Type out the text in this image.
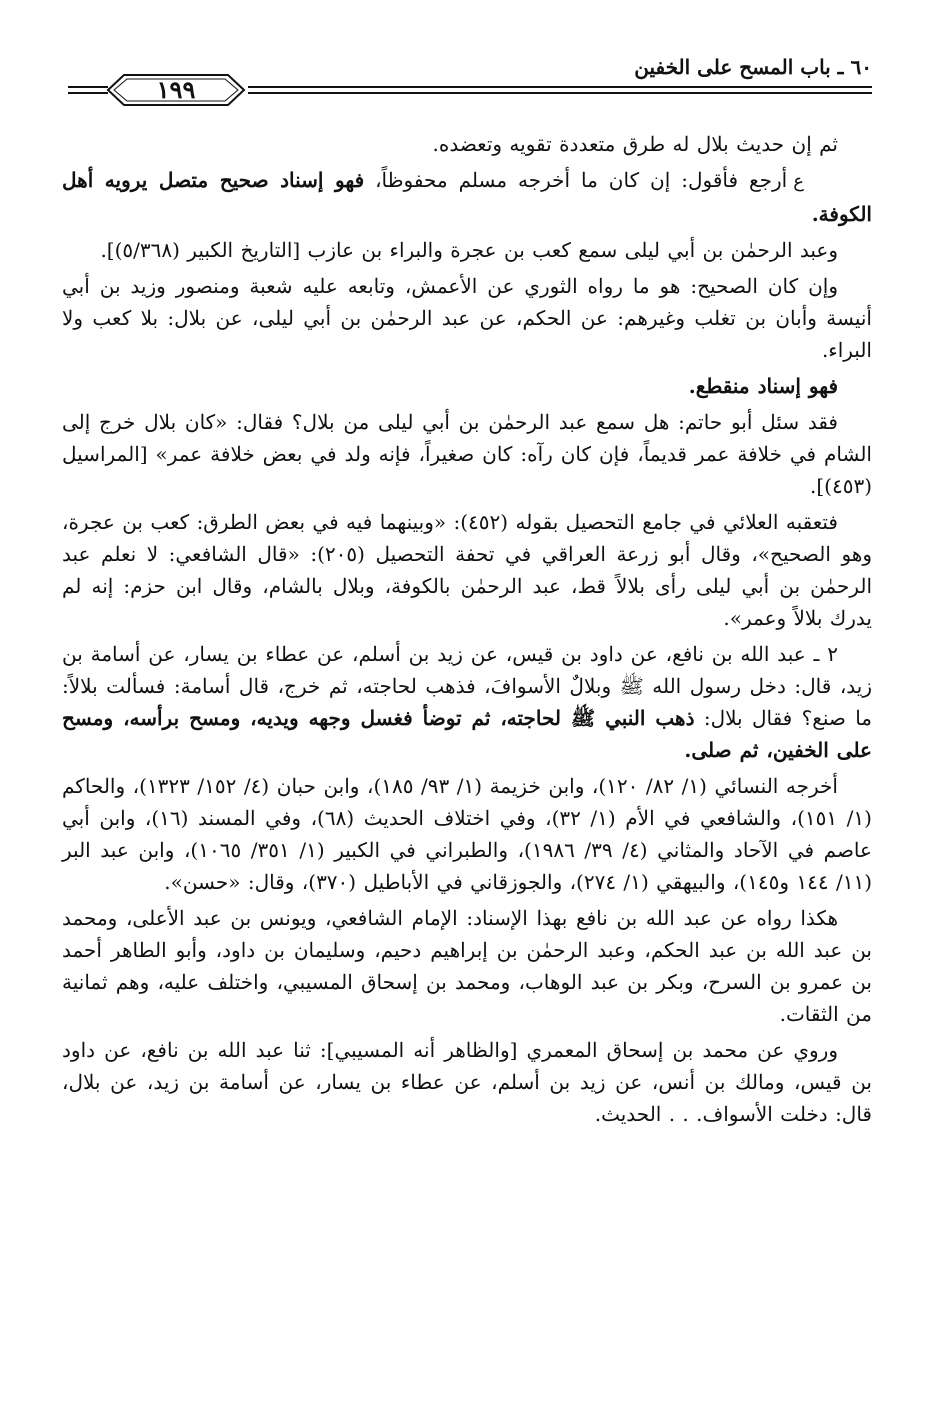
٦٠ ـ باب المسح على الخفين
١٩٩

ثم إن حديث بلال له طرق متعددة تقويه وتعضده.

عأرجع فأقول: إن كان ما أخرجه مسلم محفوظاً، فهو إسناد صحيح متصل يرويه أهل الكوفة.

وعبد الرحمٰن بن أبي ليلى سمع كعب بن عجرة والبراء بن عازب [التاريخ الكبير (٥/٣٦٨)].

وإن كان الصحيح: هو ما رواه الثوري عن الأعمش، وتابعه عليه شعبة ومنصور وزيد بن أبي أنيسة وأبان بن تغلب وغيرهم: عن الحكم، عن عبد الرحمٰن بن أبي ليلى، عن بلال: بلا كعب ولا البراء.

فهو إسناد منقطع.

فقد سئل أبو حاتم: هل سمع عبد الرحمٰن بن أبي ليلى من بلال؟ فقال: «كان بلال خرج إلى الشام في خلافة عمر قديماً، فإن كان رآه: كان صغيراً، فإنه ولد في بعض خلافة عمر» [المراسيل (٤٥٣)].

فتعقبه العلائي في جامع التحصيل بقوله (٤٥٢): «وبينهما فيه في بعض الطرق: كعب بن عجرة، وهو الصحيح»، وقال أبو زرعة العراقي في تحفة التحصيل (٢٠٥): «قال الشافعي: لا نعلم عبد الرحمٰن بن أبي ليلى رأى بلالاً قط، عبد الرحمٰن بالكوفة، وبلال بالشام، وقال ابن حزم: إنه لم يدرك بلالاً وعمر».

٢ ـ عبد الله بن نافع، عن داود بن قيس، عن زيد بن أسلم، عن عطاء بن يسار، عن أسامة بن زيد، قال: دخل رسول الله ﷺ وبلالٌ الأسوافَ، فذهب لحاجته، ثم خرج، قال أسامة: فسألت بلالاً: ما صنع؟ فقال بلال: ذهب النبي ﷺ لحاجته، ثم توضأ فغسل وجهه ويديه، ومسح برأسه، ومسح على الخفين، ثم صلى.

أخرجه النسائي (١/ ٨٢/ ١٢٠)، وابن خزيمة (١/ ٩٣/ ١٨٥)، وابن حبان (٤/ ١٥٢/ ١٣٢٣)، والحاكم (١/ ١٥١)، والشافعي في الأم (١/ ٣٢)، وفي اختلاف الحديث (٦٨)، وفي المسند (١٦)، وابن أبي عاصم في الآحاد والمثاني (٤/ ٣٩/ ١٩٨٦)، والطبراني في الكبير (١/ ٣٥١/ ١٠٦٥)، وابن عبد البر (١١/ ١٤٤ و١٤٥)، والبيهقي (١/ ٢٧٤)، والجوزقاني في الأباطيل (٣٧٠)، وقال: «حسن».

هكذا رواه عن عبد الله بن نافع بهذا الإسناد: الإمام الشافعي، ويونس بن عبد الأعلى، ومحمد بن عبد الله بن عبد الحكم، وعبد الرحمٰن بن إبراهيم دحيم، وسليمان بن داود، وأبو الطاهر أحمد بن عمرو بن السرح، وبكر بن عبد الوهاب، ومحمد بن إسحاق المسيبي، واختلف عليه، وهم ثمانية من الثقات.

وروي عن محمد بن إسحاق المعمري [والظاهر أنه المسيبي]: ثنا عبد الله بن نافع، عن داود بن قيس، ومالك بن أنس، عن زيد بن أسلم، عن عطاء بن يسار، عن أسامة بن زيد، عن بلال، قال: دخلت الأسواف. . . الحديث.
